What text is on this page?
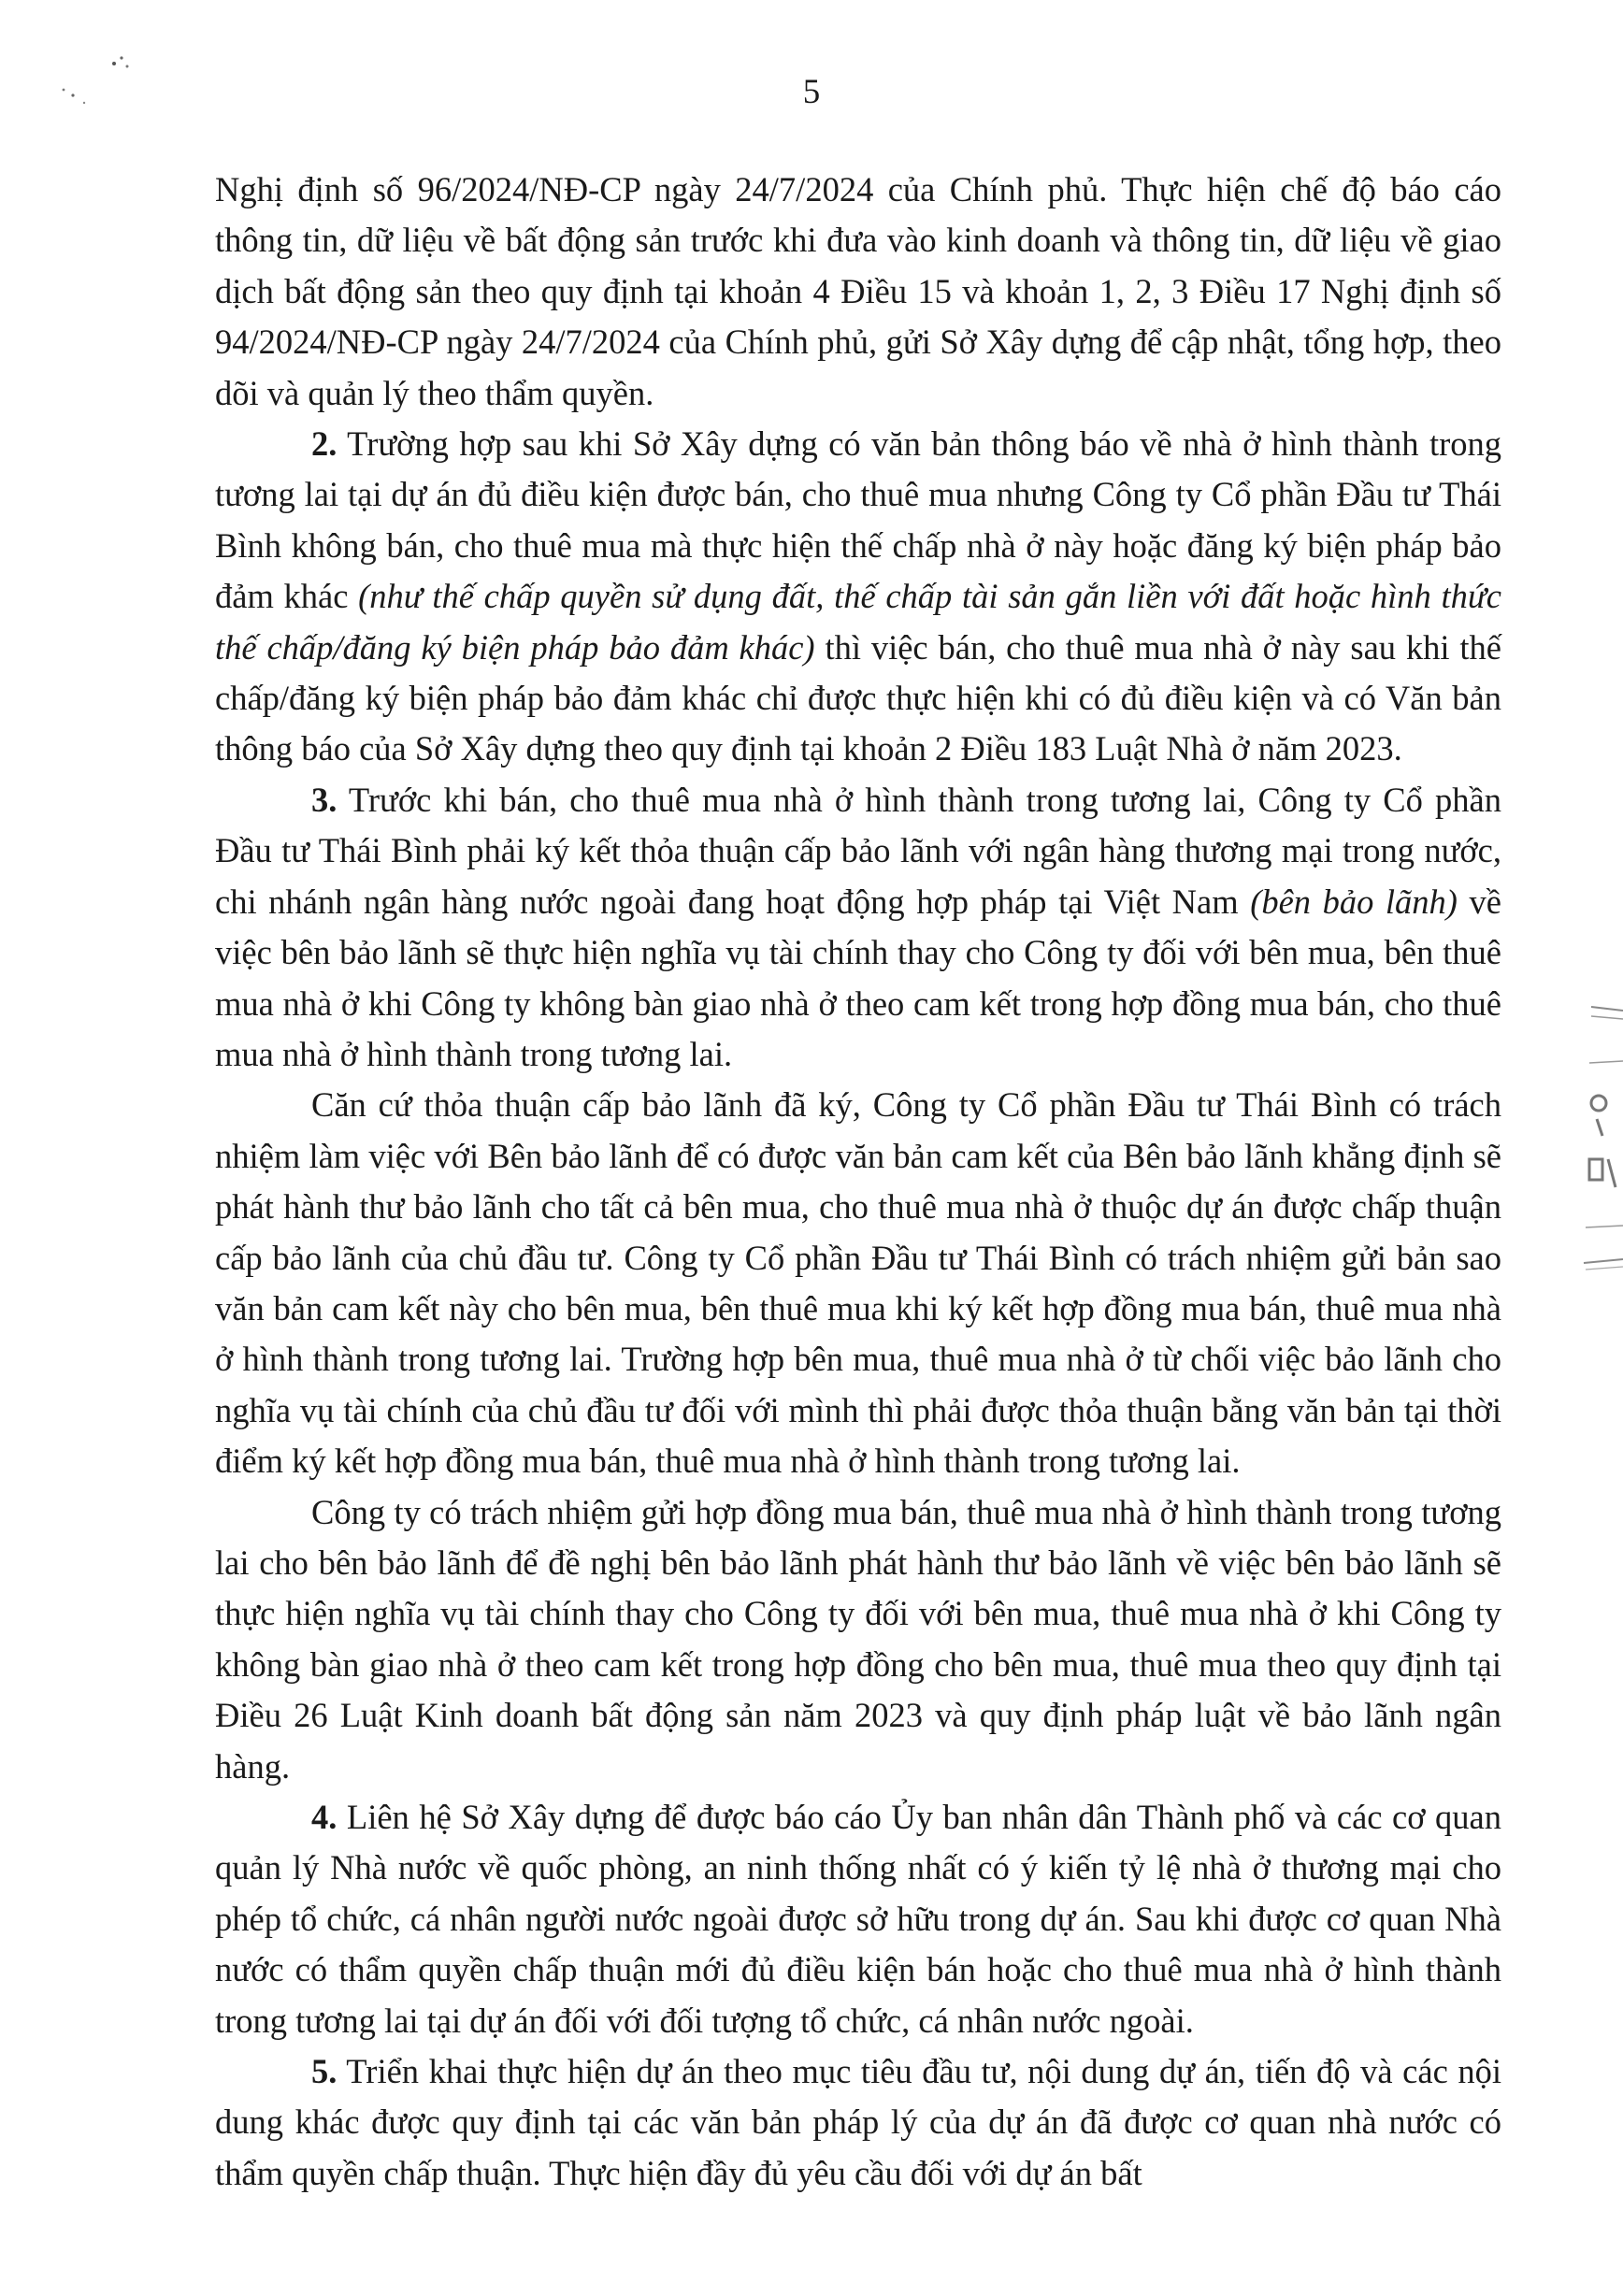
5

Nghị định số 96/2024/NĐ-CP ngày 24/7/2024 của Chính phủ. Thực hiện chế độ báo cáo thông tin, dữ liệu về bất động sản trước khi đưa vào kinh doanh và thông tin, dữ liệu về giao dịch bất động sản theo quy định tại khoản 4 Điều 15 và khoản 1, 2, 3 Điều 17 Nghị định số 94/2024/NĐ-CP ngày 24/7/2024 của Chính phủ, gửi Sở Xây dựng để cập nhật, tổng hợp, theo dõi và quản lý theo thẩm quyền.

2. Trường hợp sau khi Sở Xây dựng có văn bản thông báo về nhà ở hình thành trong tương lai tại dự án đủ điều kiện được bán, cho thuê mua nhưng Công ty Cổ phần Đầu tư Thái Bình không bán, cho thuê mua mà thực hiện thế chấp nhà ở này hoặc đăng ký biện pháp bảo đảm khác (như thế chấp quyền sử dụng đất, thế chấp tài sản gắn liền với đất hoặc hình thức thế chấp/đăng ký biện pháp bảo đảm khác) thì việc bán, cho thuê mua nhà ở này sau khi thế chấp/đăng ký biện pháp bảo đảm khác chỉ được thực hiện khi có đủ điều kiện và có Văn bản thông báo của Sở Xây dựng theo quy định tại khoản 2 Điều 183 Luật Nhà ở năm 2023.

3. Trước khi bán, cho thuê mua nhà ở hình thành trong tương lai, Công ty Cổ phần Đầu tư Thái Bình phải ký kết thỏa thuận cấp bảo lãnh với ngân hàng thương mại trong nước, chi nhánh ngân hàng nước ngoài đang hoạt động hợp pháp tại Việt Nam (bên bảo lãnh) về việc bên bảo lãnh sẽ thực hiện nghĩa vụ tài chính thay cho Công ty đối với bên mua, bên thuê mua nhà ở khi Công ty không bàn giao nhà ở theo cam kết trong hợp đồng mua bán, cho thuê mua nhà ở hình thành trong tương lai.

Căn cứ thỏa thuận cấp bảo lãnh đã ký, Công ty Cổ phần Đầu tư Thái Bình có trách nhiệm làm việc với Bên bảo lãnh để có được văn bản cam kết của Bên bảo lãnh khẳng định sẽ phát hành thư bảo lãnh cho tất cả bên mua, cho thuê mua nhà ở thuộc dự án được chấp thuận cấp bảo lãnh của chủ đầu tư. Công ty Cổ phần Đầu tư Thái Bình có trách nhiệm gửi bản sao văn bản cam kết này cho bên mua, bên thuê mua khi ký kết hợp đồng mua bán, thuê mua nhà ở hình thành trong tương lai. Trường hợp bên mua, thuê mua nhà ở từ chối việc bảo lãnh cho nghĩa vụ tài chính của chủ đầu tư đối với mình thì phải được thỏa thuận bằng văn bản tại thời điểm ký kết hợp đồng mua bán, thuê mua nhà ở hình thành trong tương lai.

Công ty có trách nhiệm gửi hợp đồng mua bán, thuê mua nhà ở hình thành trong tương lai cho bên bảo lãnh để đề nghị bên bảo lãnh phát hành thư bảo lãnh về việc bên bảo lãnh sẽ thực hiện nghĩa vụ tài chính thay cho Công ty đối với bên mua, thuê mua nhà ở khi Công ty không bàn giao nhà ở theo cam kết trong hợp đồng cho bên mua, thuê mua theo quy định tại Điều 26 Luật Kinh doanh bất động sản năm 2023 và quy định pháp luật về bảo lãnh ngân hàng.

4. Liên hệ Sở Xây dựng để được báo cáo Ủy ban nhân dân Thành phố và các cơ quan quản lý Nhà nước về quốc phòng, an ninh thống nhất có ý kiến tỷ lệ nhà ở thương mại cho phép tổ chức, cá nhân người nước ngoài được sở hữu trong dự án. Sau khi được cơ quan Nhà nước có thẩm quyền chấp thuận mới đủ điều kiện bán hoặc cho thuê mua nhà ở hình thành trong tương lai tại dự án đối với đối tượng tổ chức, cá nhân nước ngoài.

5. Triển khai thực hiện dự án theo mục tiêu đầu tư, nội dung dự án, tiến độ và các nội dung khác được quy định tại các văn bản pháp lý của dự án đã được cơ quan nhà nước có thẩm quyền chấp thuận. Thực hiện đầy đủ yêu cầu đối với dự án bất
